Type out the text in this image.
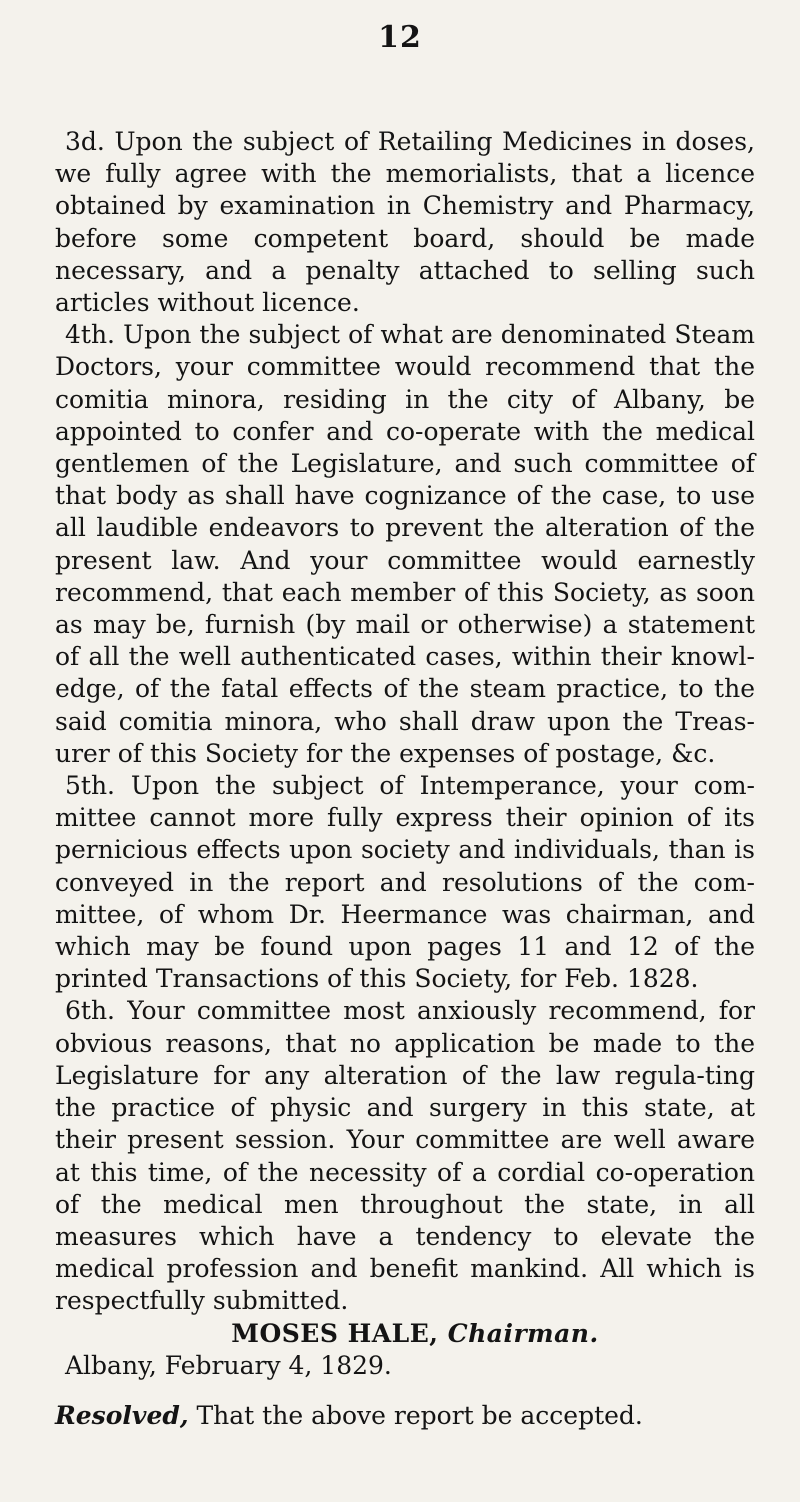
12

3d. Upon the subject of Retailing Medicines in doses, we fully agree with the memorialists, that a licence obtained by examination in Chemistry and Pharmacy, before some competent board, should be made necessary, and a penalty attached to selling such articles without licence.

4th. Upon the subject of what are denominated Steam Doctors, your committee would recommend that the comitia minora, residing in the city of Albany, be appointed to confer and co-operate with the medical gentlemen of the Legislature, and such committee of that body as shall have cognizance of the case, to use all laudible endeavors to prevent the alteration of the present law. And your committee would earnestly recommend, that each member of this Society, as soon as may be, furnish (by mail or otherwise) a statement of all the well authenticated cases, within their knowl-edge, of the fatal effects of the steam practice, to the said comitia minora, who shall draw upon the Treas-urer of this Society for the expenses of postage, &c.

5th. Upon the subject of Intemperance, your com-mittee cannot more fully express their opinion of its pernicious effects upon society and individuals, than is conveyed in the report and resolutions of the com-mittee, of whom Dr. Heermance was chairman, and which may be found upon pages 11 and 12 of the printed Transactions of this Society, for Feb. 1828.

6th. Your committee most anxiously recommend, for obvious reasons, that no application be made to the Legislature for any alteration of the law regula-ting the practice of physic and surgery in this state, at their present session. Your committee are well aware at this time, of the necessity of a cordial co-operation of the medical men throughout the state, in all measures which have a tendency to elevate the medical profession and benefit mankind. All which is respectfully submitted.

MOSES HALE, Chairman.

Albany, February 4, 1829.

Resolved, That the above report be accepted.
